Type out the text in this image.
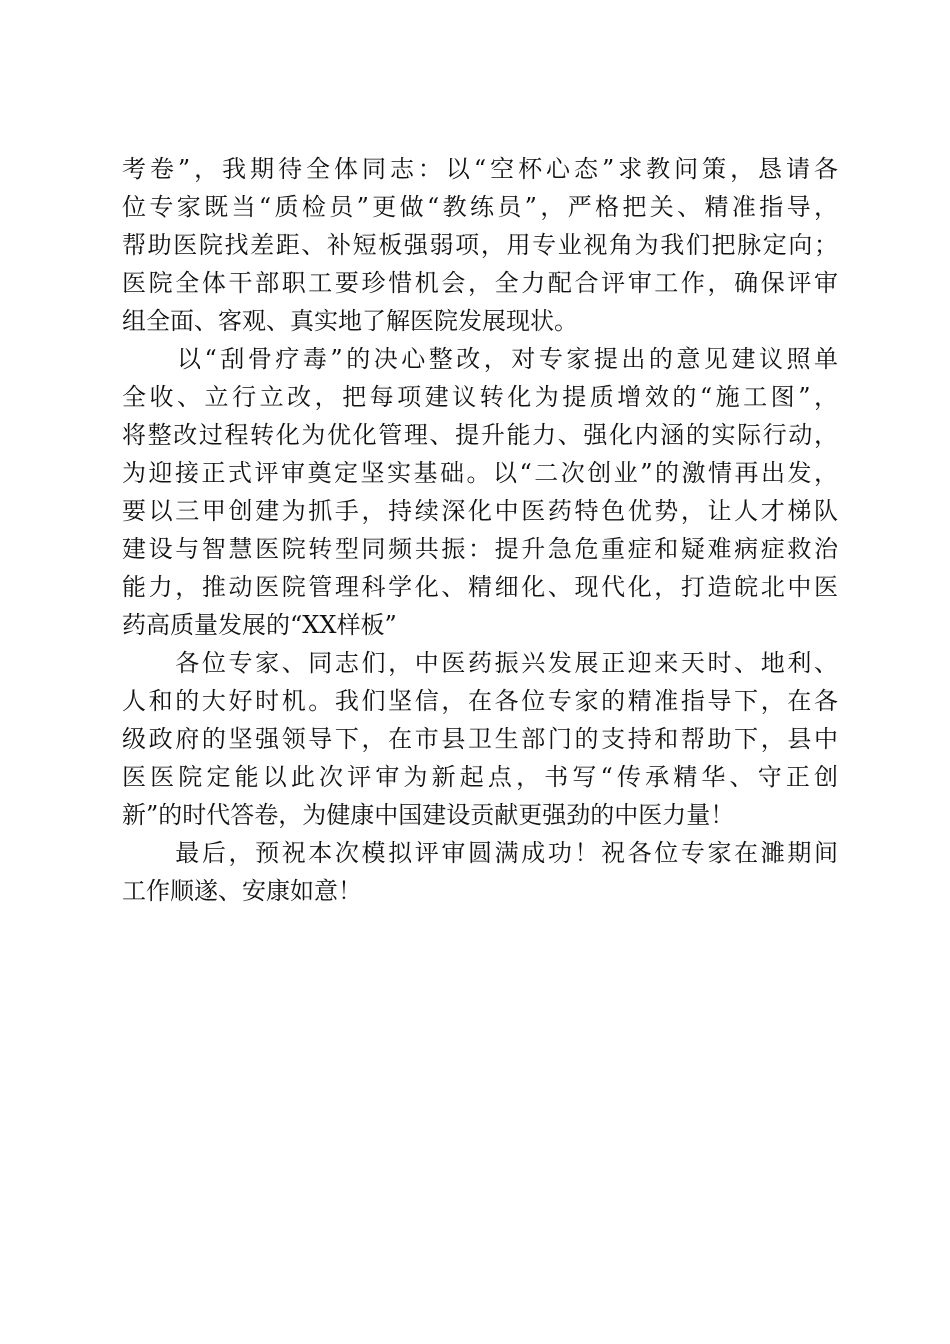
考卷”，我期待全体同志：以“空杯心态”求教问策，恳请各
位专家既当“质检员”更做“教练员”，严格把关、精准指导，
帮助医院找差距、补短板强弱项，用专业视角为我们把脉定向；
医院全体干部职工要珍惜机会，全力配合评审工作，确保评审
组全面、客观、真实地了解医院发展现状。
　　以“刮骨疗毒”的决心整改，对专家提出的意见建议照单
全收、立行立改，把每项建议转化为提质增效的“施工图”，
将整改过程转化为优化管理、提升能力、强化内涵的实际行动，
为迎接正式评审奠定坚实基础。以“二次创业”的激情再出发，
要以三甲创建为抓手，持续深化中医药特色优势，让人才梯队
建设与智慧医院转型同频共振：提升急危重症和疑难病症救治
能力，推动医院管理科学化、精细化、现代化，打造皖北中医
药高质量发展的“XX样板”
　　各位专家、同志们，中医药振兴发展正迎来天时、地利、
人和的大好时机。我们坚信，在各位专家的精准指导下，在各
级政府的坚强领导下，在市县卫生部门的支持和帮助下，县中
医医院定能以此次评审为新起点，书写“传承精华、守正创
新”的时代答卷，为健康中国建设贡献更强劲的中医力量！
　　最后，预祝本次模拟评审圆满成功！祝各位专家在濉期间
工作顺遂、安康如意！
